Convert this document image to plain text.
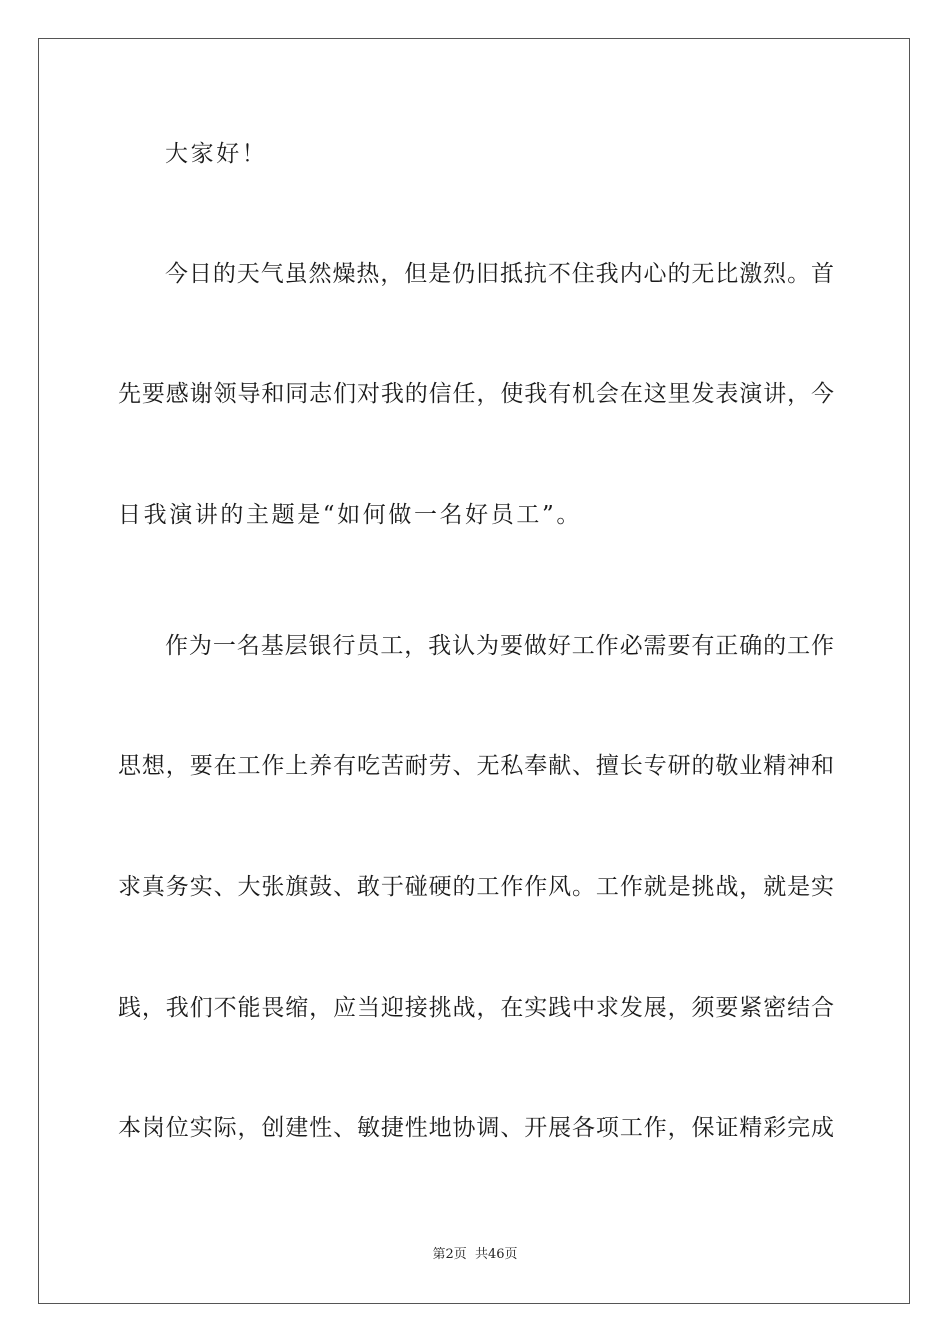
大家好！
今日的天气虽然燥热，但是仍旧抵抗不住我内心的无比激烈。首
先要感谢领导和同志们对我的信任，使我有机会在这里发表演讲，今
日我演讲的主题是“如何做一名好员工”。
作为一名基层银行员工，我认为要做好工作必需要有正确的工作
思想，要在工作上养有吃苦耐劳、无私奉献、擅长专研的敬业精神和
求真务实、大张旗鼓、敢于碰硬的工作作风。工作就是挑战，就是实
践，我们不能畏缩，应当迎接挑战，在实践中求发展，须要紧密结合
本岗位实际，创建性、敏捷性地协调、开展各项工作，保证精彩完成
第2页 共46页
